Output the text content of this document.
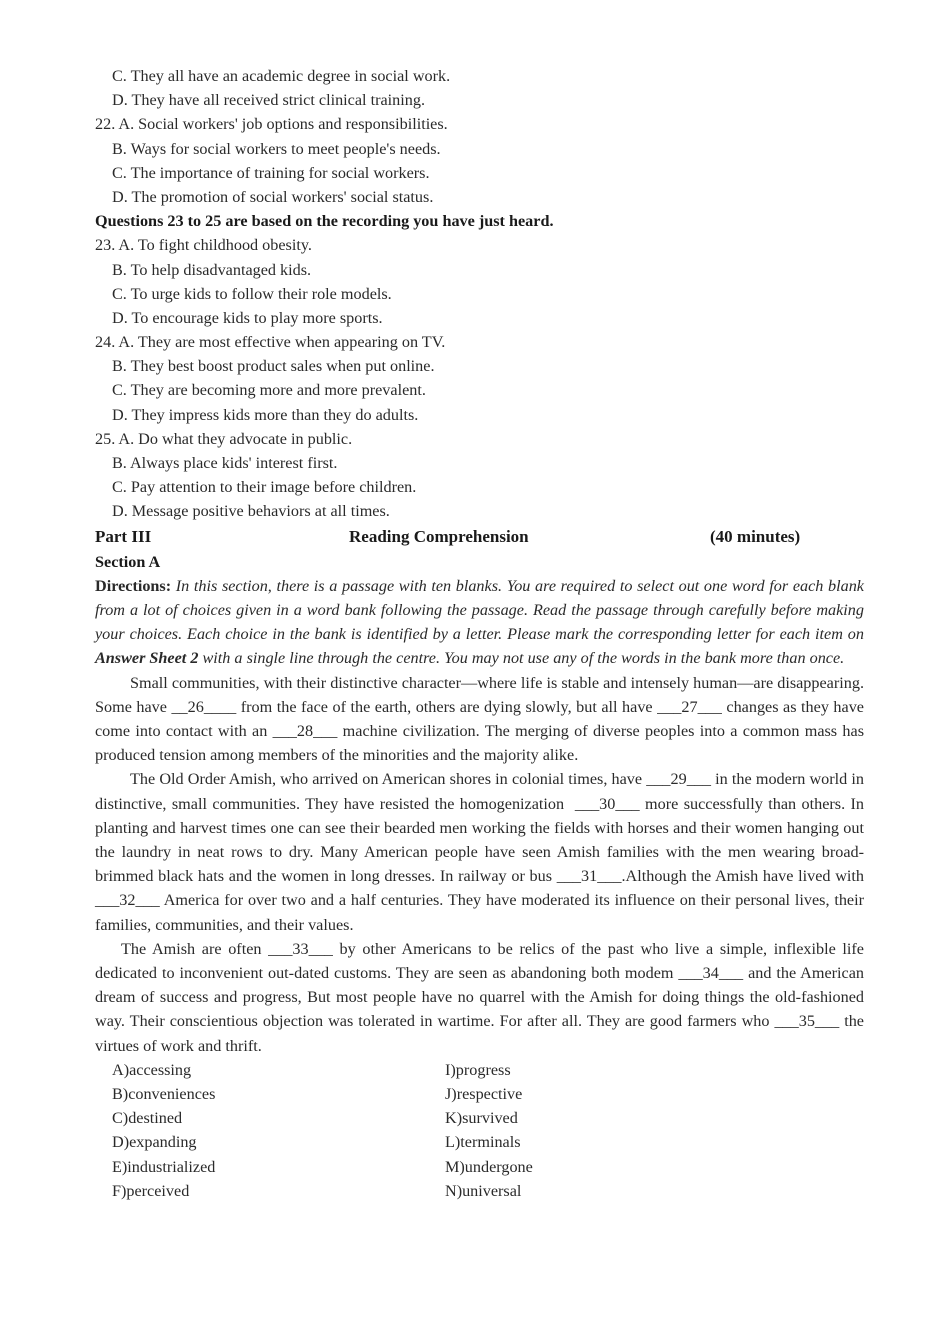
C. They all have an academic degree in social work.
D. They have all received strict clinical training.
22. A. Social workers' job options and responsibilities.
B. Ways for social workers to meet people's needs.
C. The importance of training for social workers.
D. The promotion of social workers' social status.
Questions 23 to 25 are based on the recording you have just heard.
23. A. To fight childhood obesity.
B. To help disadvantaged kids.
C. To urge kids to follow their role models.
D. To encourage kids to play more sports.
24. A. They are most effective when appearing on TV.
B. They best boost product sales when put online.
C. They are becoming more and more prevalent.
D. They impress kids more than they do adults.
25. A. Do what they advocate in public.
B. Always place kids' interest first.
C. Pay attention to their image before children.
D. Message positive behaviors at all times.
Part III	Reading Comprehension	(40 minutes)
Section A
Directions: In this section, there is a passage with ten blanks. You are required to select out one word for each blank from a lot of choices given in a word bank following the passage. Read the passage through carefully before making your choices. Each choice in the bank is identified by a letter. Please mark the corresponding letter for each item on Answer Sheet 2 with a single line through the centre. You may not use any of the words in the bank more than once.
Small communities, with their distinctive character—where life is stable and intensely human—are disappearing. Some have __26____ from the face of the earth, others are dying slowly, but all have ___27___ changes as they have come into contact with an ___28___ machine civilization. The merging of diverse peoples into a common mass has produced tension among members of the minorities and the majority alike.
The Old Order Amish, who arrived on American shores in colonial times, have ___29___ in the modern world in distinctive, small communities. They have resisted the homogenization  ___30___ more successfully than others. In planting and harvest times one can see their bearded men working the fields with horses and their women hanging out the laundry in neat rows to dry. Many American people have seen Amish families with the men wearing broad-brimmed black hats and the women in long dresses. In railway or bus ___31___.Although the Amish have lived with ___32___ America for over two and a half centuries. They have moderated its influence on their personal lives, their families, communities, and their values.
The Amish are often ___33___ by other Americans to be relics of the past who live a simple, inflexible life dedicated to inconvenient out-dated customs. They are seen as abandoning both modem ___34___ and the American dream of success and progress, But most people have no quarrel with the Amish for doing things the old-fashioned way. Their conscientious objection was tolerated in wartime. For after all. They are good farmers who ___35___ the virtues of work and thrift.
A)accessing	I)progress
B)conveniences	J)respective
C)destined	K)survived
D)expanding	L)terminals
E)industrialized	M)undergone
F)perceived	N)universal
